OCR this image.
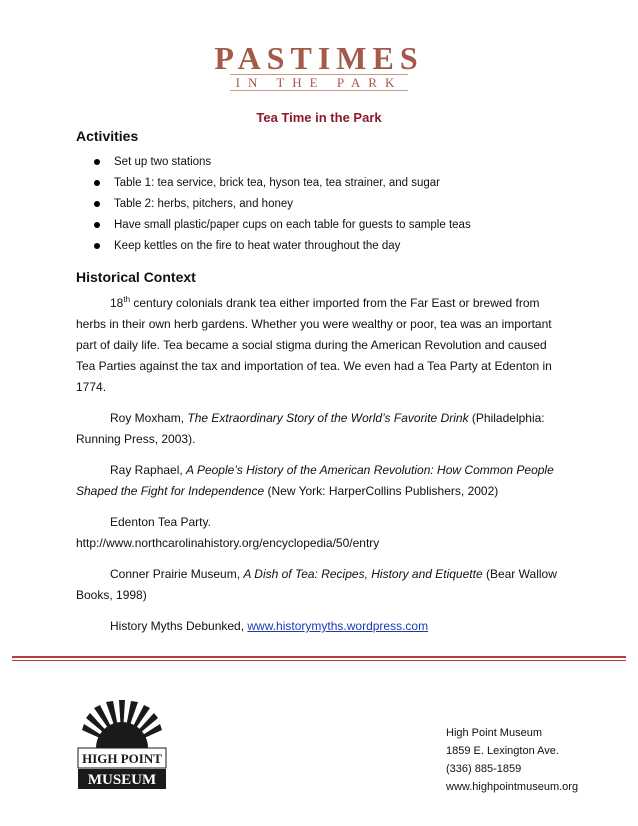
PASTIMES
IN THE PARK
Tea Time in the Park
Activities
Set up two stations
Table 1: tea service, brick tea, hyson tea, tea strainer, and sugar
Table 2: herbs, pitchers, and honey
Have small plastic/paper cups on each table for guests to sample teas
Keep kettles on the fire to heat water throughout the day
Historical Context

18th century colonials drank tea either imported from the Far East or brewed from herbs in their own herb gardens. Whether you were wealthy or poor, tea was an important part of daily life. Tea became a social stigma during the American Revolution and caused Tea Parties against the tax and importation of tea. We even had a Tea Party at Edenton in 1774.

Roy Moxham, The Extraordinary Story of the World’s Favorite Drink (Philadelphia: Running Press, 2003).

Ray Raphael, A People’s History of the American Revolution: How Common People Shaped the Fight for Independence (New York: HarperCollins Publishers, 2002)

Edenton Tea Party.
http://www.northcarolinahistory.org/encyclopedia/50/entry

Conner Prairie Museum, A Dish of Tea: Recipes, History and Etiquette (Bear Wallow Books, 1998)

History Myths Debunked, www.historymyths.wordpress.com

HIGH POINT
MUSEUM
High Point Museum
1859 E. Lexington Ave.
(336) 885-1859
www.highpointmuseum.org
